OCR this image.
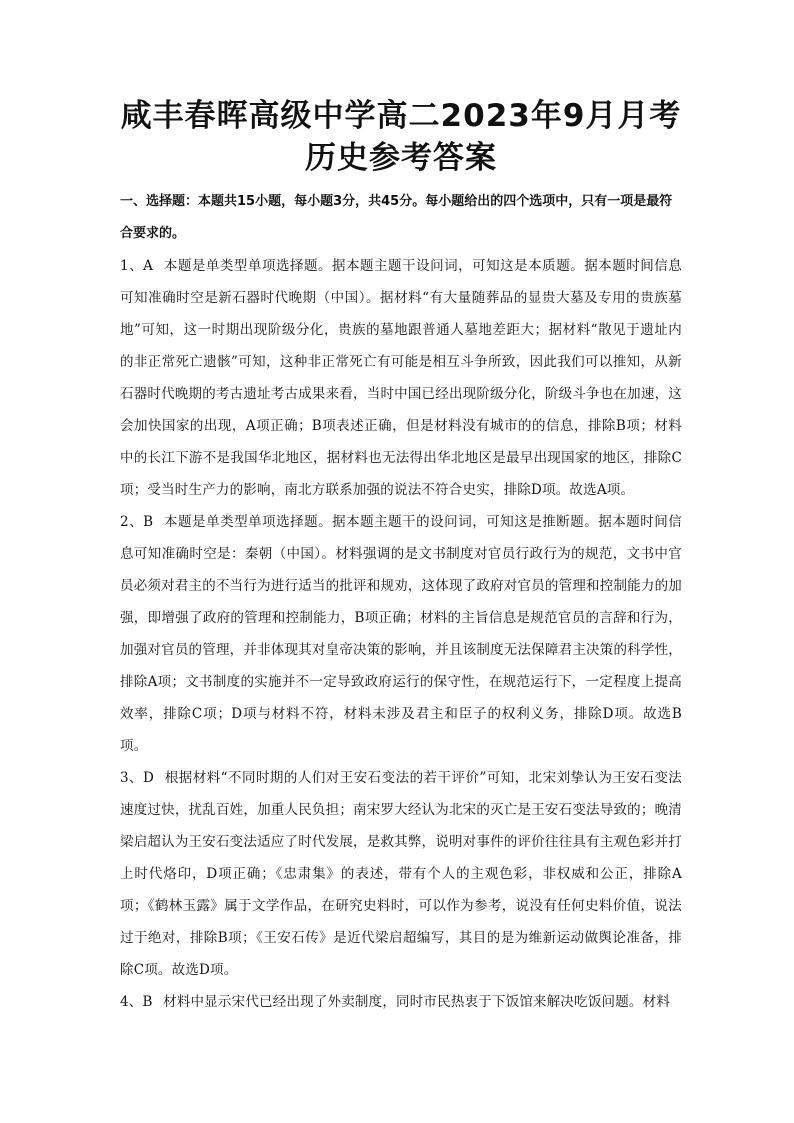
咸丰春晖高级中学高二2023年9月月考
历史参考答案
一、选择题：本题共15小题，每小题3分，共45分。每小题给出的四个选项中，只有一项是最符合要求的。
1、A 本题是单类型单项选择题。据本题主题干设问词，可知这是本质题。据本题时间信息可知准确时空是新石器时代晚期（中国）。据材料“有大量随葬品的显贵大墓及专用的贵族墓地”可知，这一时期出现阶级分化，贵族的墓地跟普通人墓地差距大；据材料“散见于遗址内的非正常死亡遗骸”可知，这种非正常死亡有可能是相互斗争所致，因此我们可以推知，从新石器时代晚期的考古遗址考古成果来看，当时中国已经出现阶级分化，阶级斗争也在加速，这会加快国家的出现，A项正确；B项表述正确，但是材料没有城市的的信息，排除B项；材料中的长江下游不是我国华北地区，据材料也无法得出华北地区是最早出现国家的地区，排除C项；受当时生产力的影响，南北方联系加强的说法不符合史实，排除D项。故选A项。
2、B 本题是单类型单项选择题。据本题主题干的设问词，可知这是推断题。据本题时间信息可知准确时空是：秦朝（中国）。材料强调的是文书制度对官员行政行为的规范，文书中官员必须对君主的不当行为进行适当的批评和规劝，这体现了政府对官员的管理和控制能力的加强，即增强了政府的管理和控制能力，B项正确；材料的主旨信息是规范官员的言辞和行为，加强对官员的管理，并非体现其对皇帝决策的影响，并且该制度无法保障君主决策的科学性，排除A项；文书制度的实施并不一定导致政府运行的保守性，在规范运行下，一定程度上提高效率，排除C项；D项与材料不符，材料未涉及君主和臣子的权利义务，排除D项。故选B项。
3、D 根据材料“不同时期的人们对王安石变法的若干评价”可知，北宋刘挚认为王安石变法速度过快，扰乱百姓，加重人民负担；南宋罗大经认为北宋的灭亡是王安石变法导致的；晚清梁启超认为王安石变法适应了时代发展，是救其弊，说明对事件的评价往往具有主观色彩并打上时代烙印，D项正确；《忠肃集》的表述，带有个人的主观色彩，非权威和公正，排除A项；《鹤林玉露》属于文学作品，在研究史料时，可以作为参考，说没有任何史料价值，说法过于绝对，排除B项；《王安石传》是近代梁启超编写，其目的是为维新运动做舆论准备，排除C项。故选D项。
4、B 材料中显示宋代已经出现了外卖制度，同时市民热衷于下饭馆来解决吃饭问题。材料
